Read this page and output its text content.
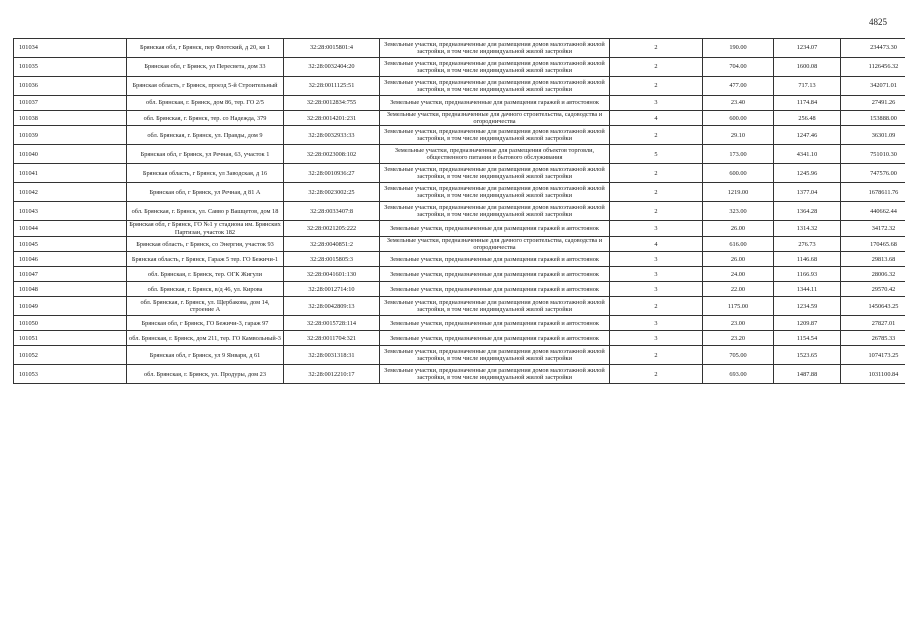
4825
101034	Брянская обл, г Брянск, пер Флотский, д 20, кв 1	32:28:0015801:4	Земельные участки, предназначенные для размещения домов малоэтажной жилой застройки, в том числе индивидуальной жилой застройки	2	190.00	1234.07	234473.30
101035	Брянская обл, г Брянск, ул Пересвета, дом 33	32:28:0032404:20	Земельные участки, предназначенные для размещения домов малоэтажной жилой застройки, в том числе индивидуальной жилой застройки	2	704.00	1600.08	1126456.32
101036	Брянская область, г Брянск, проезд 5-й Строительный	32:28:0011125:51	Земельные участки, предназначенные для размещения домов малоэтажной жилой застройки, в том числе индивидуальной жилой застройки	2	477.00	717.13	342071.01
101037	обл. Брянская, г. Брянск, дом 86, тер. ГО 2/5	32:28:0012834:755	Земельные участки, предназначенные для размещения гаражей и автостоянок	3	23.40	1174.84	27491.26
101038	обл. Брянская, г. Брянск, тер. со Надежда, 379	32:28:0014201:231	Земельные участки, предназначенные для дачного строительства, садоводства и огородничества	4	600.00	256.48	153888.00
101039	обл. Брянская, г. Брянск, ул. Правды, дом 9	32:28:0032933:33	Земельные участки, предназначенные для размещения домов малоэтажной жилой застройки, в том числе индивидуальной жилой застройки	2	29.10	1247.46	36301.09
101040	Брянская обл, г Брянск, ул Речная, 63, участок 1	32:28:0023008:102	Земельные участки, предназначенные для размещения объектов торговли, общественного питания и бытового обслуживания	5	173.00	4341.10	751010.30
101041	Брянская область, г Брянск, ул Заводская, д 16	32:28:0010936:27	Земельные участки, предназначенные для размещения домов малоэтажной жилой застройки, в том числе индивидуальной жилой застройки	2	600.00	1245.96	747576.00
101042	Брянская обл, г Брянск, ул Речная, д 81 А	32:28:0023002:25	Земельные участки, предназначенные для размещения домов малоэтажной жилой застройки, в том числе индивидуальной жилой застройки	2	1219.00	1377.04	1678611.76
101043	обл. Брянская, г. Брянск, ул. Савво р Вашцетов, дом 18	32:28:0033407:8	Земельные участки, предназначенные для размещения домов малоэтажной жилой застройки, в том числе индивидуальной жилой застройки	2	323.00	1364.28	440662.44
101044	Брянская обл, г Брянск, ГО №1 у стадиона им. Брянских Партизан, участок 182	32:28:0021205:222	Земельные участки, предназначенные для размещения гаражей и автостоянок	3	26.00	1314.32	34172.32
101045	Брянская область, г Брянск, со Энергия, участок 93	32:28:0040851:2	Земельные участки, предназначенные для дачного строительства, садоводства и огородничества	4	616.00	276.73	170465.68
101046	Брянская область, г Брянск, Гараж 5 тер. ГО Бежичи-1	32:28:0015805:3	Земельные участки, предназначенные для размещения гаражей и автостоянок	3	26.00	1146.68	29813.68
101047	обл. Брянская, г. Брянск, тер. ОГК Жигули	32:28:0041601:130	Земельные участки, предназначенные для размещения гаражей и автостоянок	3	24.00	1166.93	28006.32
101048	обл. Брянская, г. Брянск, в/д 46, ул. Кирова	32:28:0012714:10	Земельные участки, предназначенные для размещения гаражей и автостоянок	3	22.00	1344.11	29570.42
101049	обл. Брянская, г. Брянск, ул. Щербакова, дом 14, строение А	32:28:0042809:13	Земельные участки, предназначенные для размещения домов малоэтажной жилой застройки, в том числе индивидуальной жилой застройки	2	1175.00	1234.59	1450643.25
101050	Брянская обл, г Брянск, ГО Бежичи-3, гараж 97	32:28:0015728:114	Земельные участки, предназначенные для размещения гаражей и автостоянок	3	23.00	1209.87	27827.01
101051	обл. Брянская, г. Брянск, дом 211, тер. ГО Камвольный-3	32:28:0011704:321	Земельные участки, предназначенные для размещения гаражей и автостоянок	3	23.20	1154.54	26785.33
101052	Брянская обл, г Брянск, ул 9 Января, д 61	32:28:0031318:31	Земельные участки, предназначенные для размещения домов малоэтажной жилой застройки, в том числе индивидуальной жилой застройки	2	705.00	1523.65	1074173.25
101053	обл. Брянская, г. Брянск, ул. Продуры, дом 23	32:28:0012210:17	Земельные участки, предназначенные для размещения домов малоэтажной жилой застройки, в том числе индивидуальной жилой застройки	2	693.00	1487.88	1031100.84
